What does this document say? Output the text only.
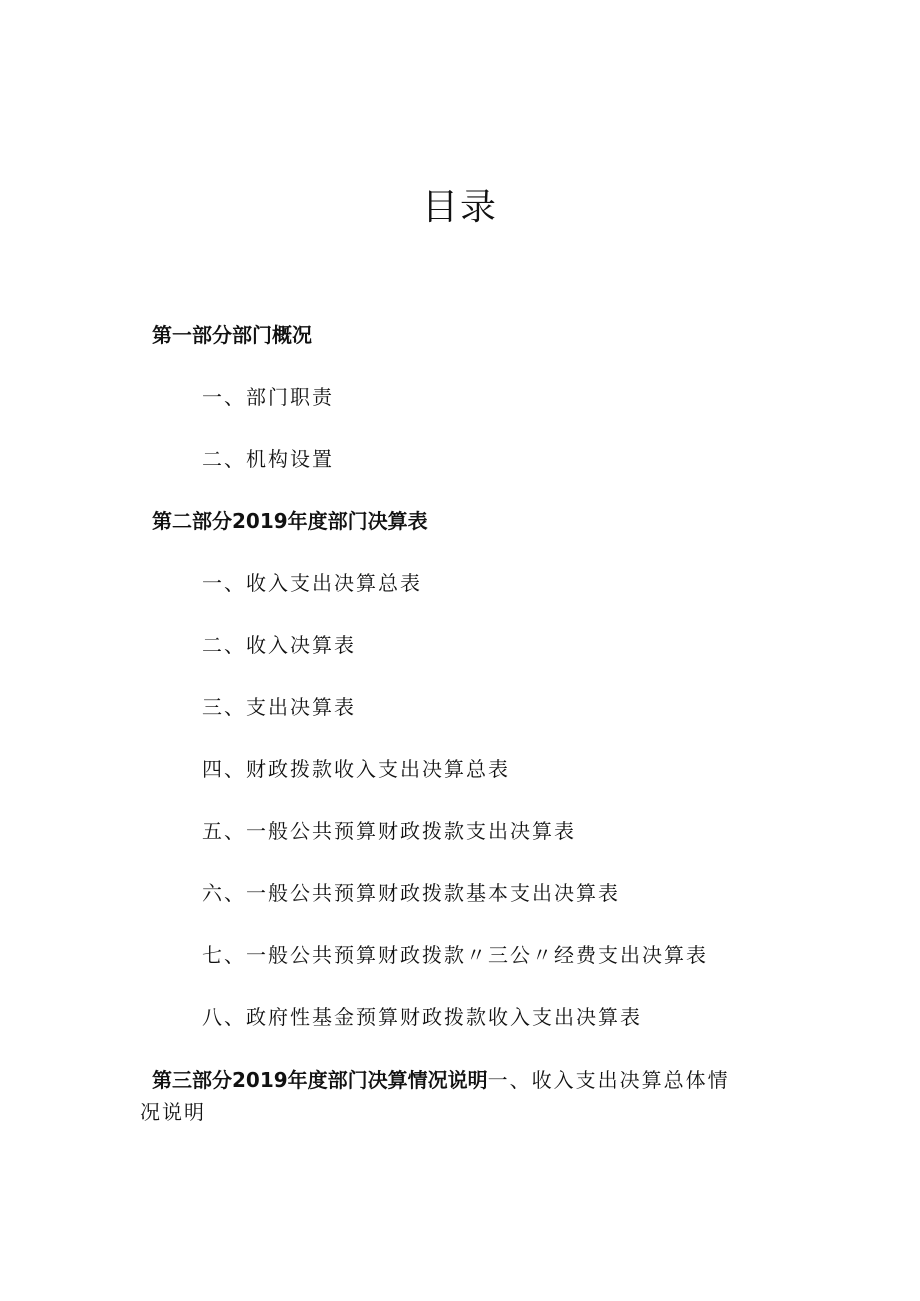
目录

第一部分部门概况

一、部门职责

二、机构设置

第二部分2019年度部门决算表

一、收入支出决算总表

二、收入决算表

三、支出决算表

四、财政拨款收入支出决算总表

五、一般公共预算财政拨款支出决算表

六、一般公共预算财政拨款基本支出决算表

七、一般公共预算财政拨款〃三公〃经费支出决算表

八、政府性基金预算财政拨款收入支出决算表

第三部分2019年度部门决算情况说明一、收入支出决算总体情
况说明
